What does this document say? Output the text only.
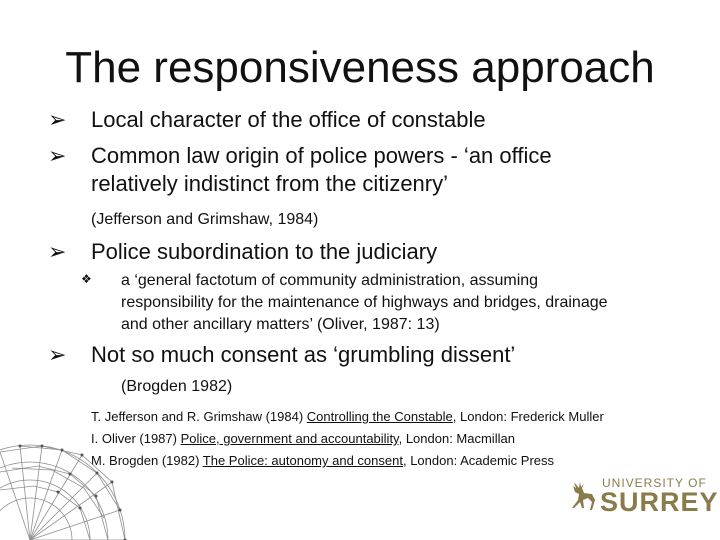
The responsiveness approach
➢ Local character of the office of constable
➢ Common law origin of police powers - ‘an office
relatively indistinct from the citizenry’
(Jefferson and Grimshaw, 1984)
➢ Police subordination to the judiciary
❖ a ‘general factotum of community administration, assuming
responsibility for the maintenance of highways and bridges, drainage
and other ancillary matters’ (Oliver, 1987: 13)
➢ Not so much consent as ‘grumbling dissent’
(Brogden 1982)
T. Jefferson and R. Grimshaw (1984) Controlling the Constable, London: Frederick Muller
I. Oliver (1987) Police, government and accountability, London: Macmillan
M. Brogden (1982) The Police: autonomy and consent, London: Academic Press
UNIVERSITY OF
SURREY
